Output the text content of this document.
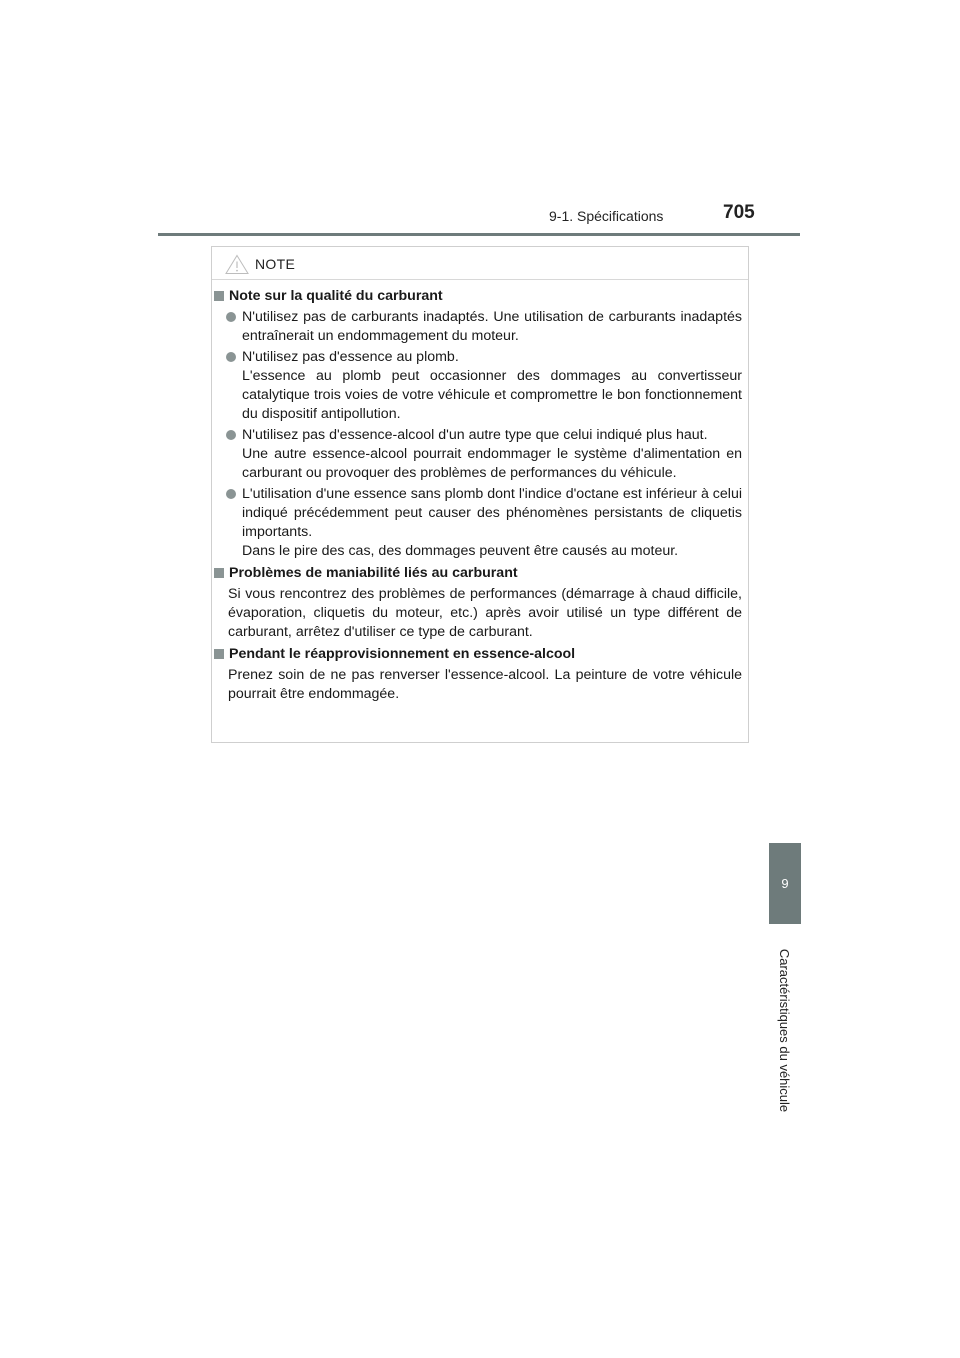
9-1. Spécifications	705
9
Caractéristiques du véhicule
NOTE
Note sur la qualité du carburant

N'utilisez pas de carburants inadaptés. Une utilisation de carburants inadaptés entraînerait un endommagement du moteur.

N'utilisez pas d'essence au plomb.

L'essence au plomb peut occasionner des dommages au convertisseur catalytique trois voies de votre véhicule et compromettre le bon fonctionnement du dispositif antipollution.

N'utilisez pas d'essence-alcool d'un autre type que celui indiqué plus haut.

Une autre essence-alcool pourrait endommager le système d'alimentation en carburant ou provoquer des problèmes de performances du véhicule.

L'utilisation d'une essence sans plomb dont l'indice d'octane est inférieur à celui indiqué précédemment peut causer des phénomènes persistants de cliquetis importants.

Dans le pire des cas, des dommages peuvent être causés au moteur.

Problèmes de maniabilité liés au carburant

Si vous rencontrez des problèmes de performances (démarrage à chaud difficile, évaporation, cliquetis du moteur, etc.) après avoir utilisé un type différent de carburant, arrêtez d'utiliser ce type de carburant.

Pendant le réapprovisionnement en essence-alcool

Prenez soin de ne pas renverser l'essence-alcool. La peinture de votre véhicule pourrait être endommagée.
